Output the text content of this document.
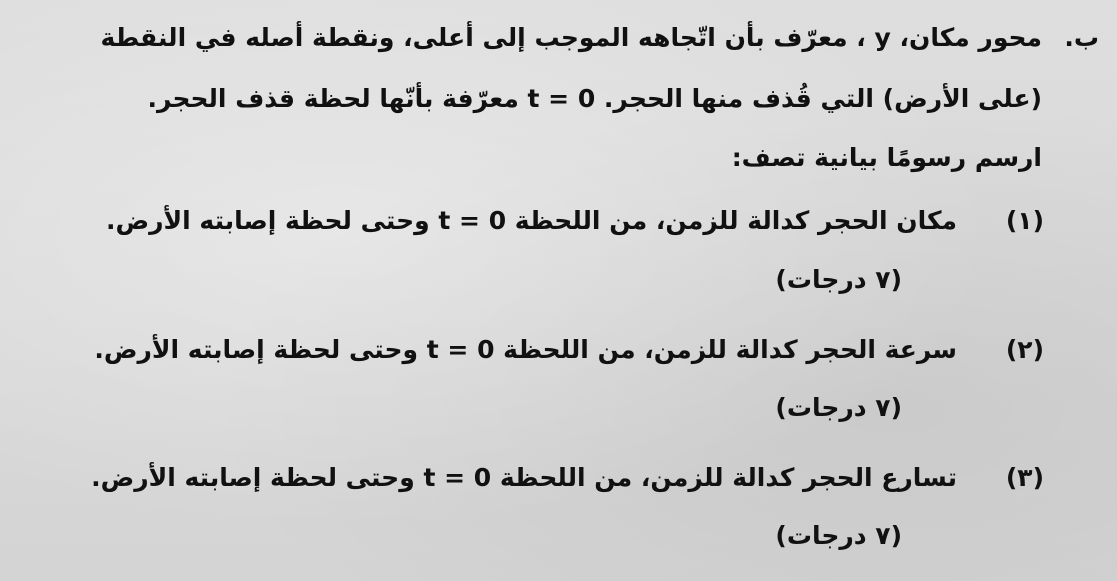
ب.
محور مكان، y ، معرّف بأن اتّجاهه الموجب إلى أعلى، ونقطة أصله في النقطة
(على الأرض) التي قُذف منها الحجر. t = 0 معرّفة بأنّها لحظة قذف الحجر.
ارسم رسومًا بيانية تصف:
(١)
مكان الحجر كدالة للزمن، من اللحظة t = 0 وحتى لحظة إصابته الأرض.
(٧ درجات)
(٢)
سرعة الحجر كدالة للزمن، من اللحظة t = 0 وحتى لحظة إصابته الأرض.
(٧ درجات)
(٣)
تسارع الحجر كدالة للزمن، من اللحظة t = 0 وحتى لحظة إصابته الأرض.
(٧ درجات)
